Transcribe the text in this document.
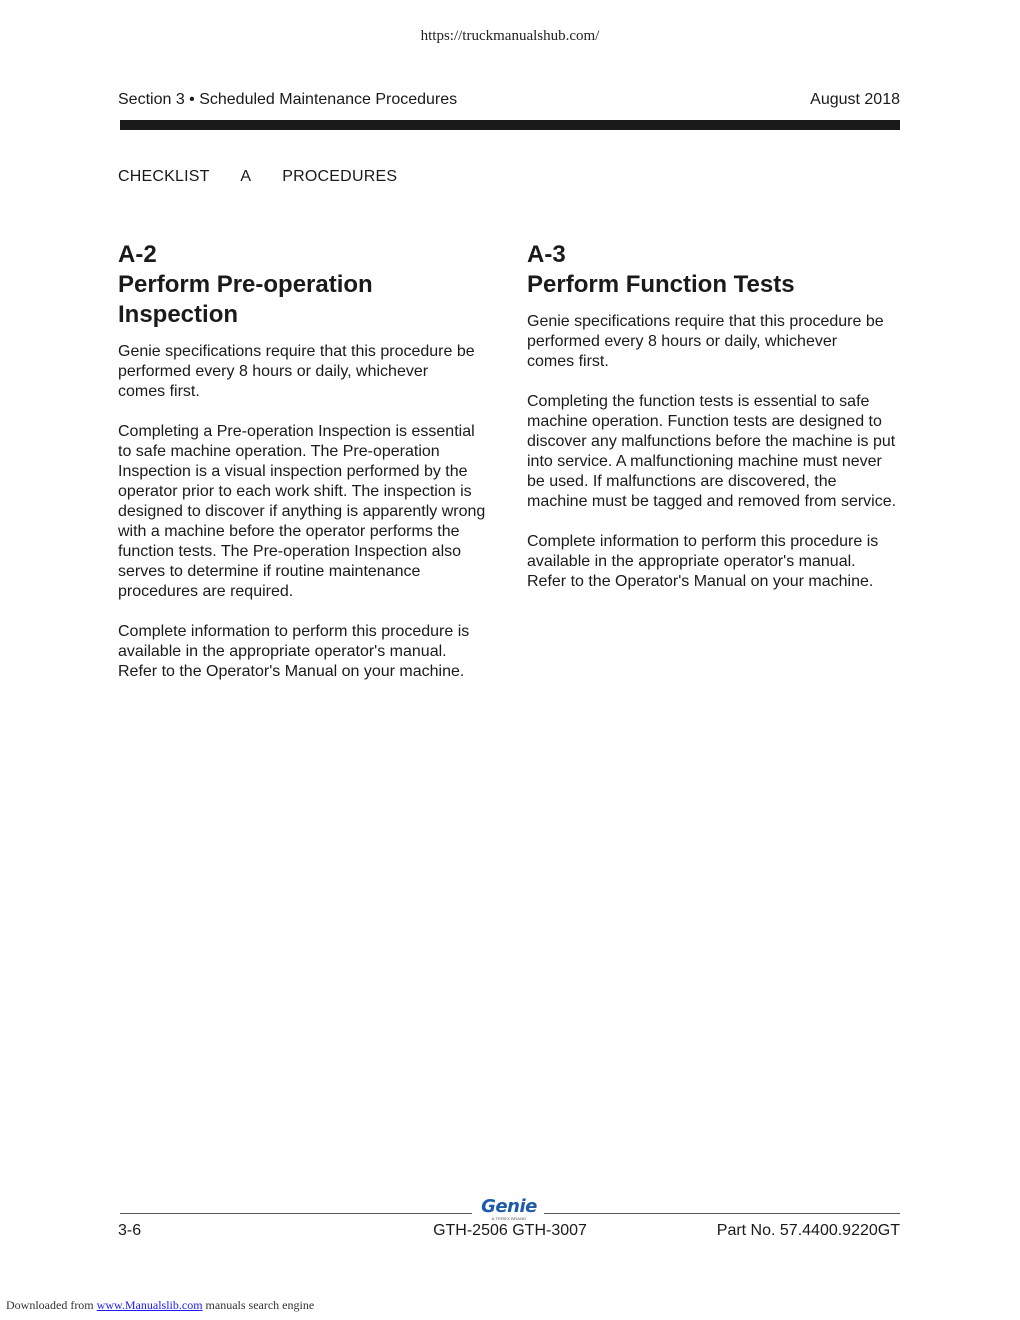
https://truckmanualshub.com/
Section 3 • Scheduled Maintenance Procedures	August 2018
CHECKLIST   A   PROCEDURES
A-2
Perform Pre-operation
Inspection

Genie specifications require that this procedure be performed every 8 hours or daily, whichever comes first.

Completing a Pre-operation Inspection is essential to safe machine operation. The Pre-operation Inspection is a visual inspection performed by the operator prior to each work shift. The inspection is designed to discover if anything is apparently wrong with a machine before the operator performs the function tests. The Pre-operation Inspection also serves to determine if routine maintenance procedures are required.

Complete information to perform this procedure is available in the appropriate operator's manual. Refer to the Operator's Manual on your machine.

A-3
Perform Function Tests

Genie specifications require that this procedure be performed every 8 hours or daily, whichever comes first.

Completing the function tests is essential to safe machine operation. Function tests are designed to discover any malfunctions before the machine is put into service. A malfunctioning machine must never be used. If malfunctions are discovered, the machine must be tagged and removed from service.

Complete information to perform this procedure is available in the appropriate operator's manual. Refer to the Operator's Manual on your machine.

Genie
A TEREX BRAND
3-6	GTH-2506 GTH-3007	Part No. 57.4400.9220GT
Downloaded from www.Manualslib.com manuals search engine
